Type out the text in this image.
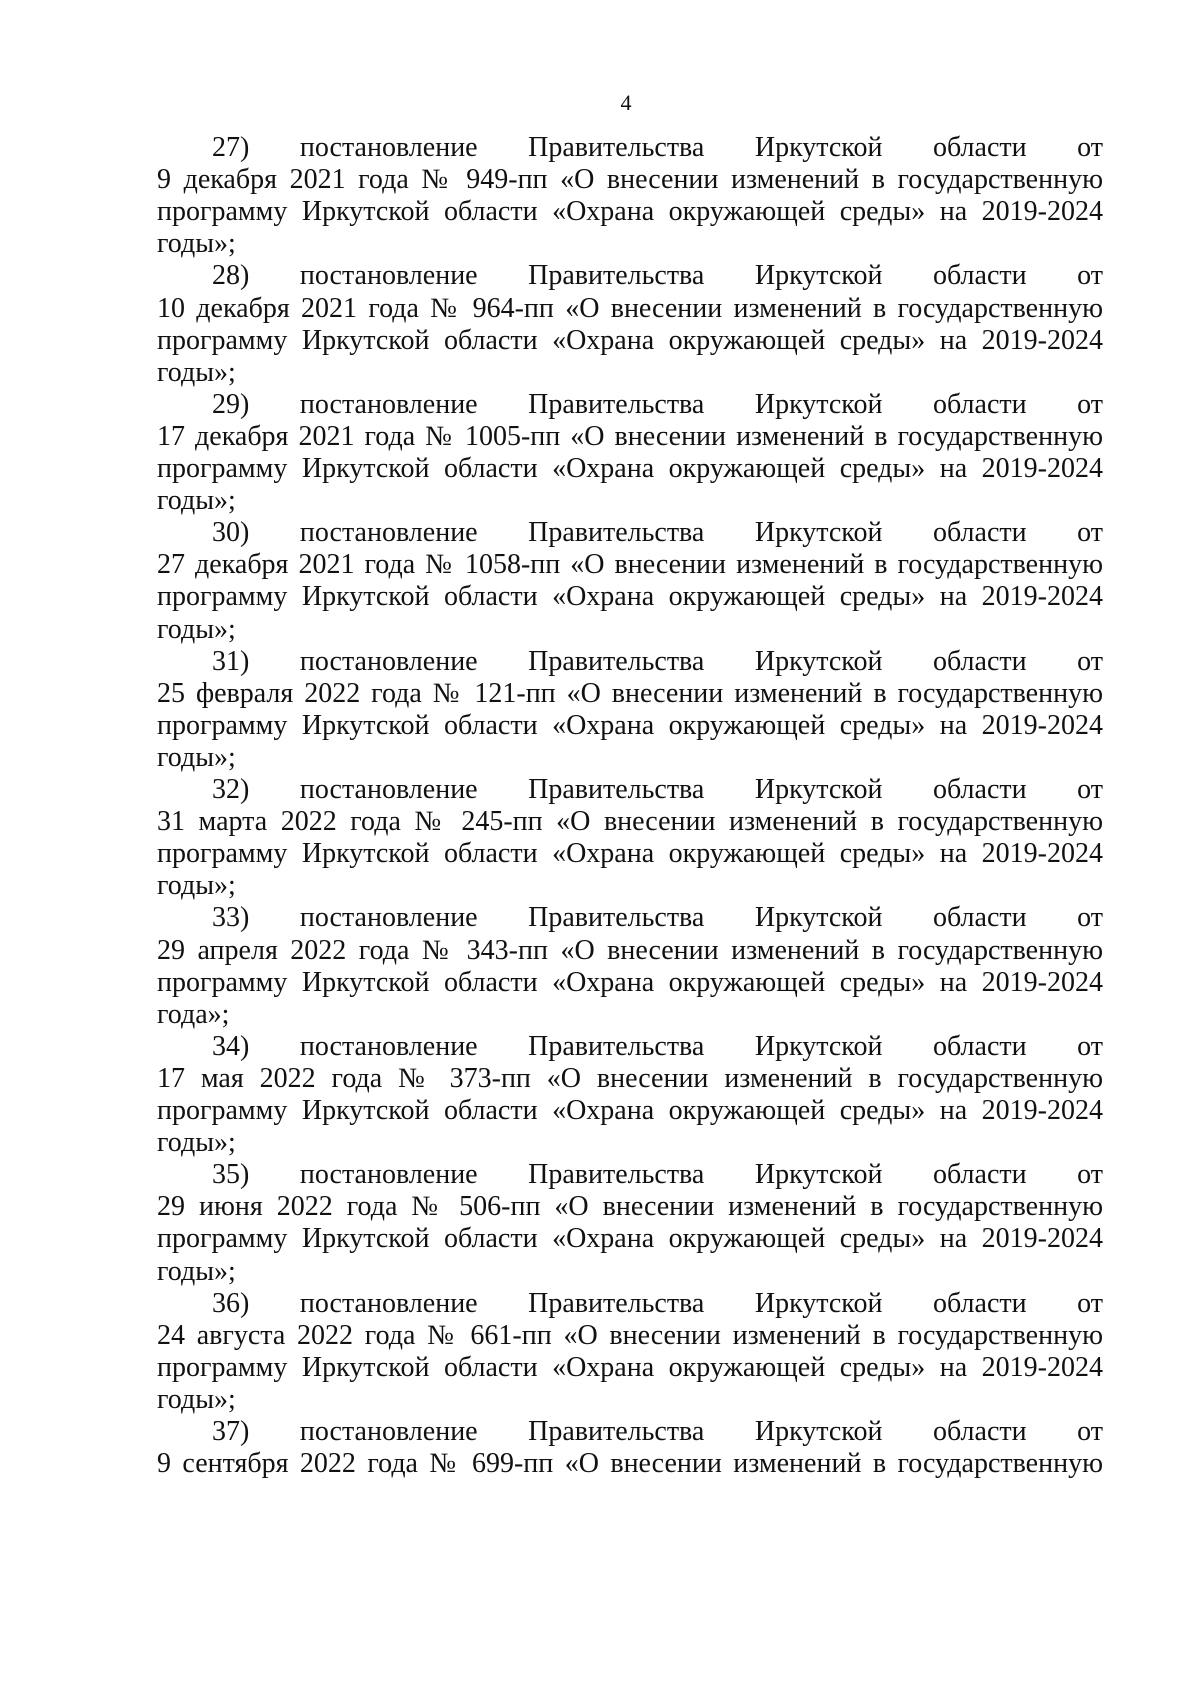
4
27) постановление Правительства Иркутской области от
9 декабря 2021 года № 949-пп «О внесении изменений в государственную
программу Иркутской области «Охрана окружающей среды» на 2019-2024
годы»;
28) постановление Правительства Иркутской области от
10 декабря 2021 года № 964-пп «О внесении изменений в государственную
программу Иркутской области «Охрана окружающей среды» на 2019-2024
годы»;
29) постановление Правительства Иркутской области от
17 декабря 2021 года № 1005-пп «О внесении изменений в государственную
программу Иркутской области «Охрана окружающей среды» на 2019-2024
годы»;
30) постановление Правительства Иркутской области от
27 декабря 2021 года № 1058-пп «О внесении изменений в государственную
программу Иркутской области «Охрана окружающей среды» на 2019-2024
годы»;
31) постановление Правительства Иркутской области от
25 февраля 2022 года № 121-пп «О внесении изменений в государственную
программу Иркутской области «Охрана окружающей среды» на 2019-2024
годы»;
32) постановление Правительства Иркутской области от
31 марта 2022 года № 245-пп «О внесении изменений в государственную
программу Иркутской области «Охрана окружающей среды» на 2019-2024
годы»;
33) постановление Правительства Иркутской области от
29 апреля 2022 года № 343-пп «О внесении изменений в государственную
программу Иркутской области «Охрана окружающей среды» на 2019-2024
года»;
34) постановление Правительства Иркутской области от
17 мая 2022 года № 373-пп «О внесении изменений в государственную
программу Иркутской области «Охрана окружающей среды» на 2019-2024
годы»;
35) постановление Правительства Иркутской области от
29 июня 2022 года № 506-пп «О внесении изменений в государственную
программу Иркутской области «Охрана окружающей среды» на 2019-2024
годы»;
36) постановление Правительства Иркутской области от
24 августа 2022 года № 661-пп «О внесении изменений в государственную
программу Иркутской области «Охрана окружающей среды» на 2019-2024
годы»;
37) постановление Правительства Иркутской области от
9 сентября 2022 года № 699-пп «О внесении изменений в государственную
